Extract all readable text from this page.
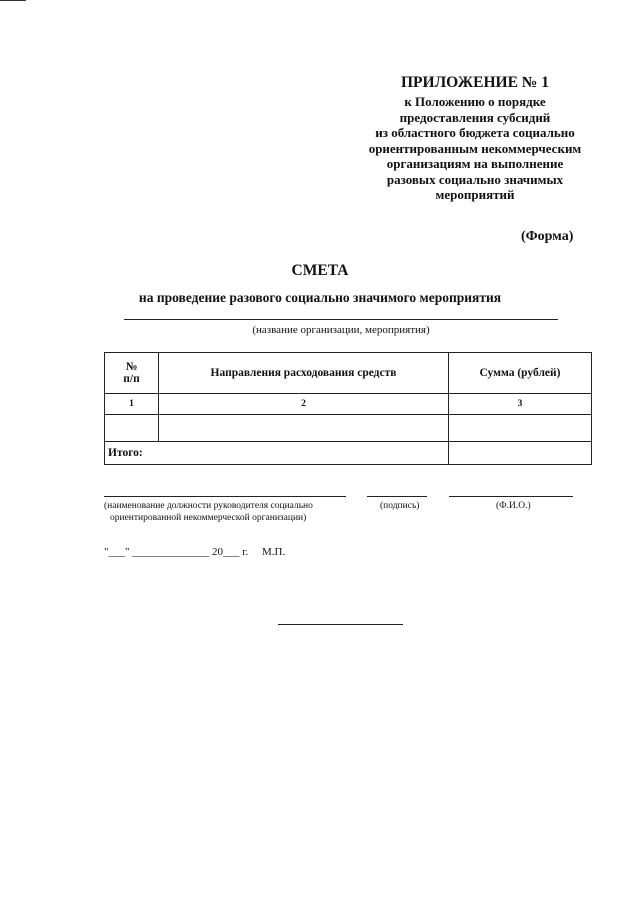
ПРИЛОЖЕНИЕ № 1
к Положению о порядке
предоставления субсидий
из областного бюджета социально
ориентированным некоммерческим
организациям на выполнение
разовых социально значимых
мероприятий
(Форма)
СМЕТА
на проведение разового социально значимого мероприятия
(название организации, мероприятия)
№
п/п	Направления расходования средств	Сумма (рублей)
1	2	3

Итого:		
(наименование должности руководителя социально
ориентированной некоммерческой организации)
(подпись)	(Ф.И.О.)
"___" ______________ 20___ г.     М.П.
